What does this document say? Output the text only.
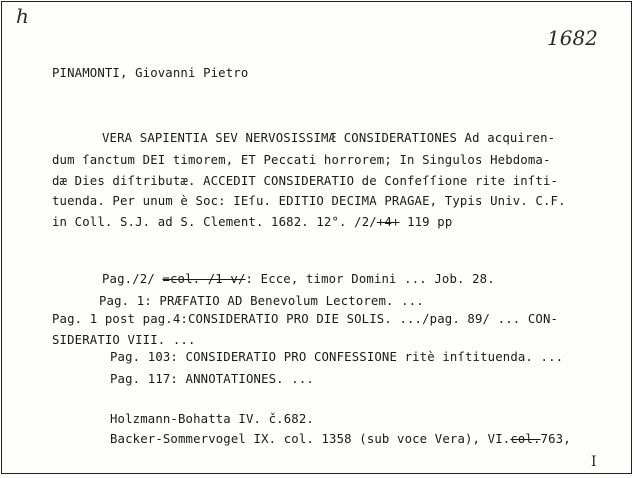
h
1682
PINAMONTI, Giovanni Pietro
VERA SAPIENTIA SEV NERVOSISSIMÆ CONSIDERATIONES Ad acquiren-
dum ſanctum DEI timorem, ET Peccati horrorem; In Singulos Hebdoma-
dæ Dies diſtributæ. ACCEDIT CONSIDERATIO de Confeſſione rite inſti-
tuenda. Per unum è Soc: IEſu. EDITIO DECIMA PRAGAE, Typis Univ. C.F.
in Coll. S.J. ad S. Clement. 1682. 12°. /2/+4+ 119 pp
Pag./2/ =col. /1 v/: Ecce, timor Domini ... Job. 28.
Pag. 1: PRÆFATIO AD Benevolum Lectorem. ...
Pag. 1 post pag.4:CONSIDERATIO PRO DIE SOLIS. .../pag. 89/ ... CON-
SIDERATIO VIII. ...
Pag. 103: CONSIDERATIO PRO CONFESSIONE ritè inſtituenda. ...
Pag. 117: ANNOTATIONES. ...
Holzmann-Bohatta IV. č.682.
Backer-Sommervogel IX. col. 1358 (sub voce Vera), VI.col.763,
I
